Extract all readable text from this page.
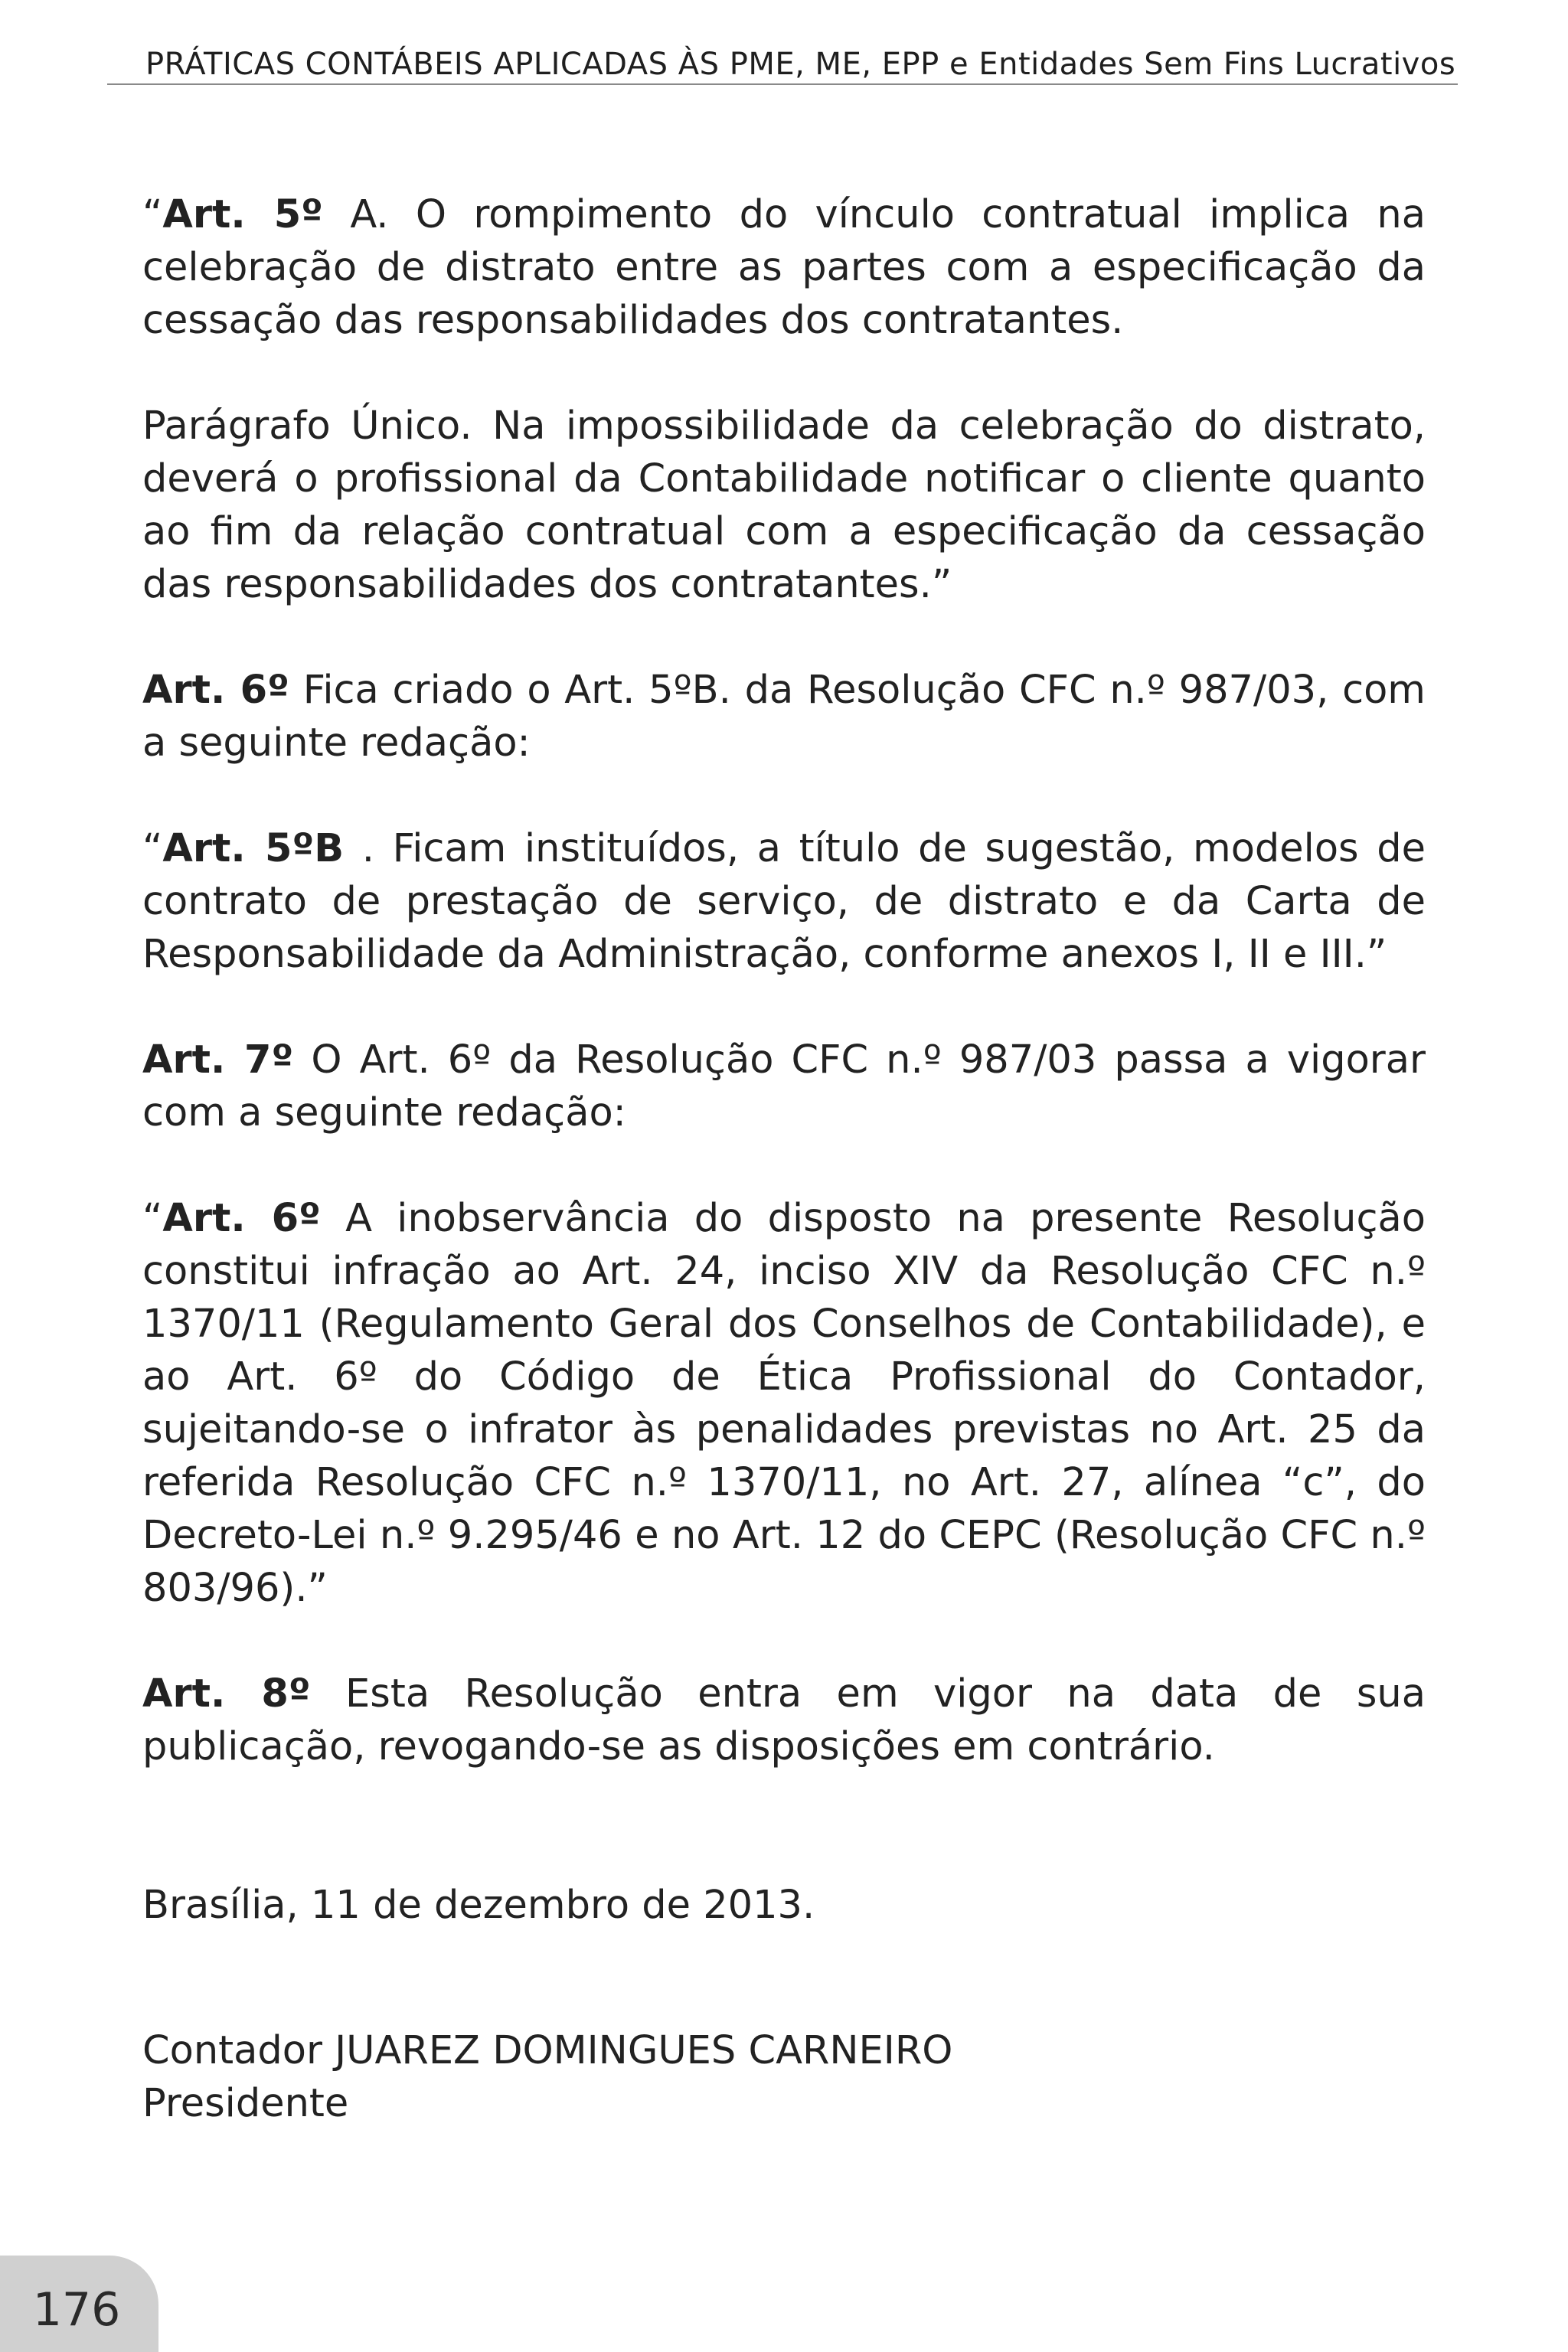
PRÁTICAS CONTÁBEIS APLICADAS ÀS PME, ME, EPP e Entidades Sem Fins Lucrativos

“Art. 5º A. O rompimento do vínculo contratual implica na celebração de distrato entre as partes com a especificação da cessação das responsabilidades dos contratantes.

Parágrafo Único. Na impossibilidade da celebração do distrato, deverá o profissional da Contabilidade notificar o cliente quanto ao fim da relação contratual com a especificação da cessação das responsabilidades dos contratantes.”

Art. 6º Fica criado o Art. 5ºB. da Resolução CFC n.º 987/03, com a seguinte redação:

“Art. 5ºB . Ficam instituídos, a título de sugestão, modelos de contrato de prestação de serviço, de distrato e da Carta de Responsabilidade da Administração, conforme anexos I, II e III.”

Art. 7º O Art. 6º da Resolução CFC n.º 987/03 passa a vigorar com a seguinte redação:

“Art. 6º A inobservância do disposto na presente Resolução constitui infração ao Art. 24, inciso XIV da Resolução CFC n.º 1370/11 (Regulamento Geral dos Conselhos de Contabilidade), e ao Art. 6º do Código de Ética Profissional do Contador, sujeitando-se o infrator às penalidades previstas no Art. 25 da referida Resolução CFC n.º 1370/11, no Art. 27, alínea “c”, do Decreto-Lei n.º 9.295/46 e no Art. 12 do CEPC (Resolução CFC n.º 803/96).”

Art. 8º Esta Resolução entra em vigor na data de sua publicação, revogando-se as disposições em contrário.

Brasília, 11 de dezembro de 2013.

Contador JUAREZ DOMINGUES CARNEIRO

Presidente

176
